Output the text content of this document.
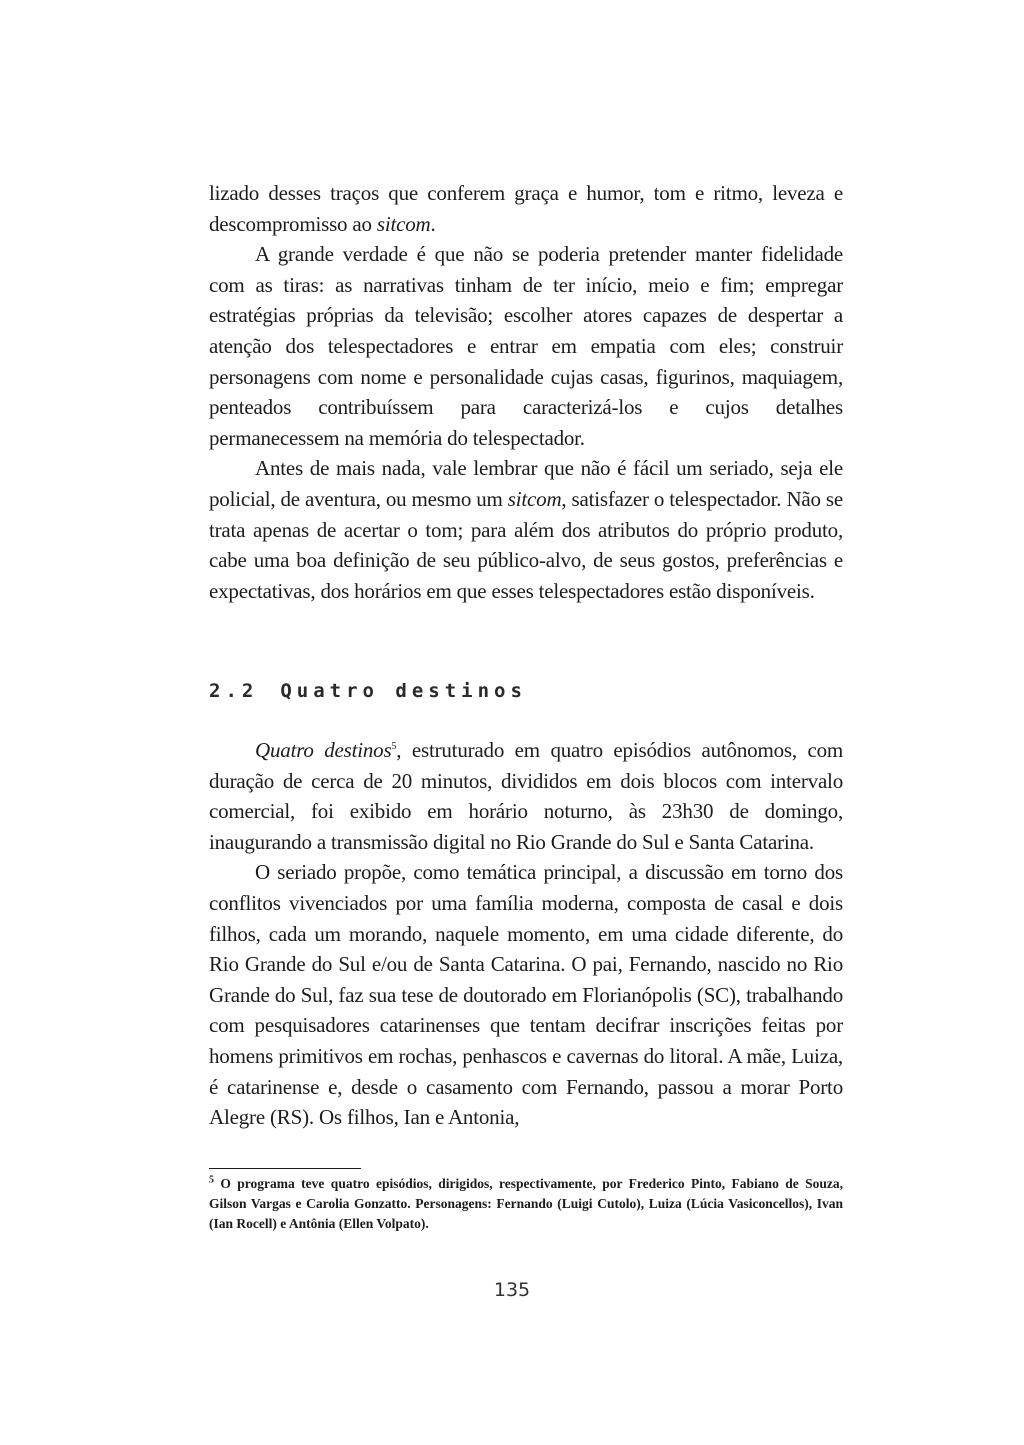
lizado desses traços que conferem graça e humor, tom e ritmo, leveza e descompromisso ao sitcom.

A grande verdade é que não se poderia pretender manter fidelidade com as tiras: as narrativas tinham de ter início, meio e fim; empregar estratégias próprias da televisão; escolher atores capazes de despertar a atenção dos telespectadores e entrar em empatia com eles; construir personagens com nome e personalidade cujas casas, figurinos, maquiagem, penteados contribuíssem para caracterizá-los e cujos detalhes permanecessem na memória do telespectador.

Antes de mais nada, vale lembrar que não é fácil um seriado, seja ele policial, de aventura, ou mesmo um sitcom, satisfazer o telespectador. Não se trata apenas de acertar o tom; para além dos atributos do próprio produto, cabe uma boa definição de seu público-alvo, de seus gostos, preferências e expectativas, dos horários em que esses telespectadores estão disponíveis.

2.2 Quatro destinos

Quatro destinos$^5$, estruturado em quatro episódios autônomos, com duração de cerca de 20 minutos, divididos em dois blocos com intervalo comercial, foi exibido em horário noturno, às 23h30 de domingo, inaugurando a transmissão digital no Rio Grande do Sul e Santa Catarina.

O seriado propõe, como temática principal, a discussão em torno dos conflitos vivenciados por uma família moderna, composta de casal e dois filhos, cada um morando, naquele momento, em uma cidade diferente, do Rio Grande do Sul e/ou de Santa Catarina. O pai, Fernando, nascido no Rio Grande do Sul, faz sua tese de doutorado em Florianópolis (SC), trabalhando com pesquisadores catarinenses que tentam decifrar inscrições feitas por homens primitivos em rochas, penhascos e cavernas do litoral. A mãe, Luiza, é catarinense e, desde o casamento com Fernando, passou a morar Porto Alegre (RS). Os filhos, Ian e Antonia,

$^5$ O programa teve quatro episódios, dirigidos, respectivamente, por Frederico Pinto, Fabiano de Souza, Gilson Vargas e Carolia Gonzatto. Personagens: Fernando (Luigi Cutolo), Luiza (Lúcia Vasiconcellos), Ivan (Ian Rocell) e Antônia (Ellen Volpato).
135
